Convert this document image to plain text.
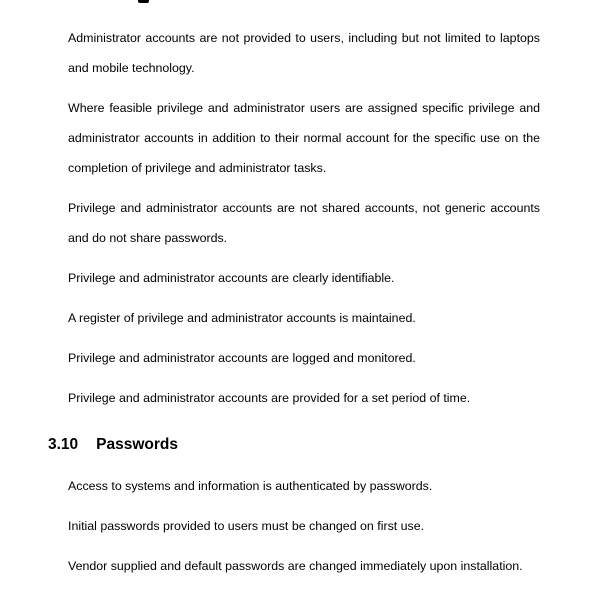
Administrator accounts are not provided to users, including but not limited to laptops and mobile technology.

Where feasible privilege and administrator users are assigned specific privilege and administrator accounts in addition to their normal account for the specific use on the completion of privilege and administrator tasks.

Privilege and administrator accounts are not shared accounts, not generic accounts and do not share passwords.

Privilege and administrator accounts are clearly identifiable.

A register of privilege and administrator accounts is maintained.

Privilege and administrator accounts are logged and monitored.

Privilege and administrator accounts are provided for a set period of time.

3.10 Passwords

Access to systems and information is authenticated by passwords.

Initial passwords provided to users must be changed on first use.

Vendor supplied and default passwords are changed immediately upon installation.
